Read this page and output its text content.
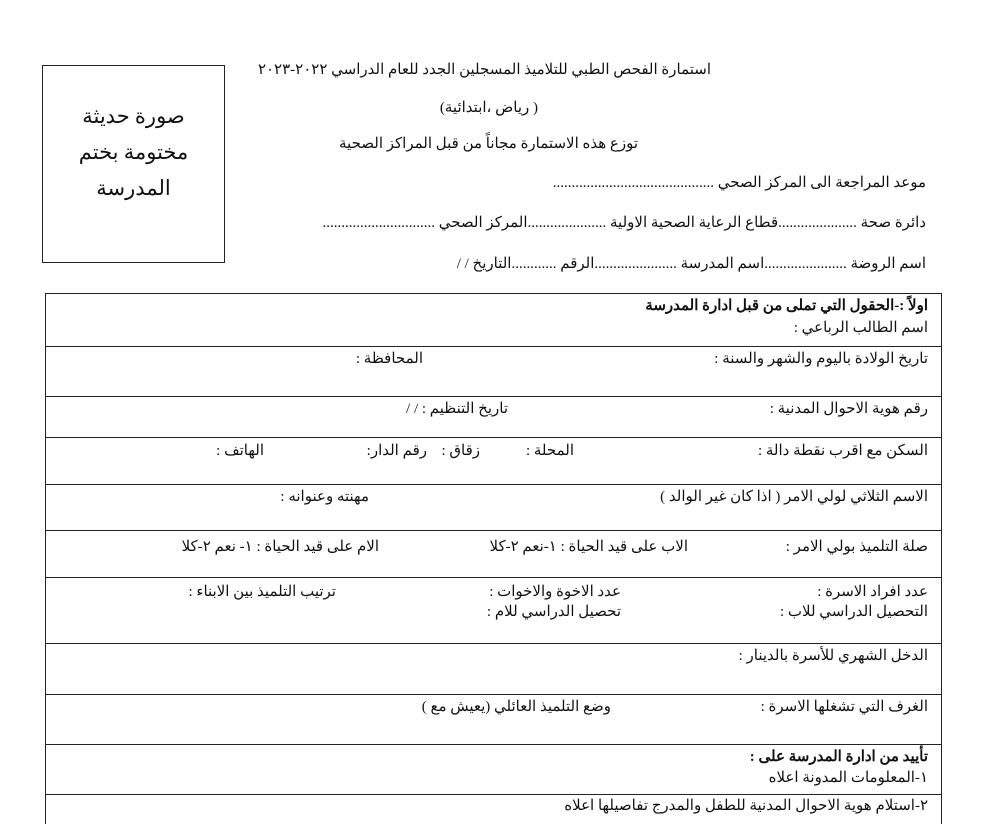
استمارة الفحص الطبي للتلاميذ المسجلين الجدد للعام الدراسي ٢٠٢٢-٢٠٢٣
( رياض ،ابتدائية)
توزع هذه الاستمارة مجاناً من قبل المراكز الصحية
موعد المراجعة الى المركز الصحي ...........................................
دائرة صحة .....................قطاع الرعاية الصحية الاولية .....................المركز الصحي ..............................
اسم الروضة ......................اسم المدرسة ......................الرقم ............التاريخ / /
صورة حديثة
مختومة بختم
المدرسة
اولاً :-الحقول التي تملى من قبل ادارة المدرسة
اسم الطالب الرباعي :
تاريخ الولادة باليوم والشهر والسنة :
المحافظة :
رقم هوية الاحوال المدنية :
تاريخ التنظيم : / /
السكن مع اقرب نقطة دالة :
المحلة :
زقاق :
رقم الدار:
الهاتف :
الاسم الثلاثي لولي الامر ( اذا كان غير الوالد )
مهنته وعنوانه :
صلة التلميذ بولي الامر :
الاب على قيد الحياة : ١-نعم ٢-كلا
الام على قيد الحياة : ١- نعم ٢-كلا
عدد افراد الاسرة :
عدد الاخوة والاخوات :
ترتيب التلميذ بين الابناء :
التحصيل الدراسي للاب :
تحصيل الدراسي للام :
الدخل الشهري للأسرة بالدينار :
الغرف التي تشغلها الاسرة :
وضع التلميذ العائلي (يعيش مع )
تأييد من ادارة المدرسة على :
١-المعلومات المدونة اعلاه
٢-استلام هوية الاحوال المدنية للطفل والمدرج تفاصيلها اعلاه
